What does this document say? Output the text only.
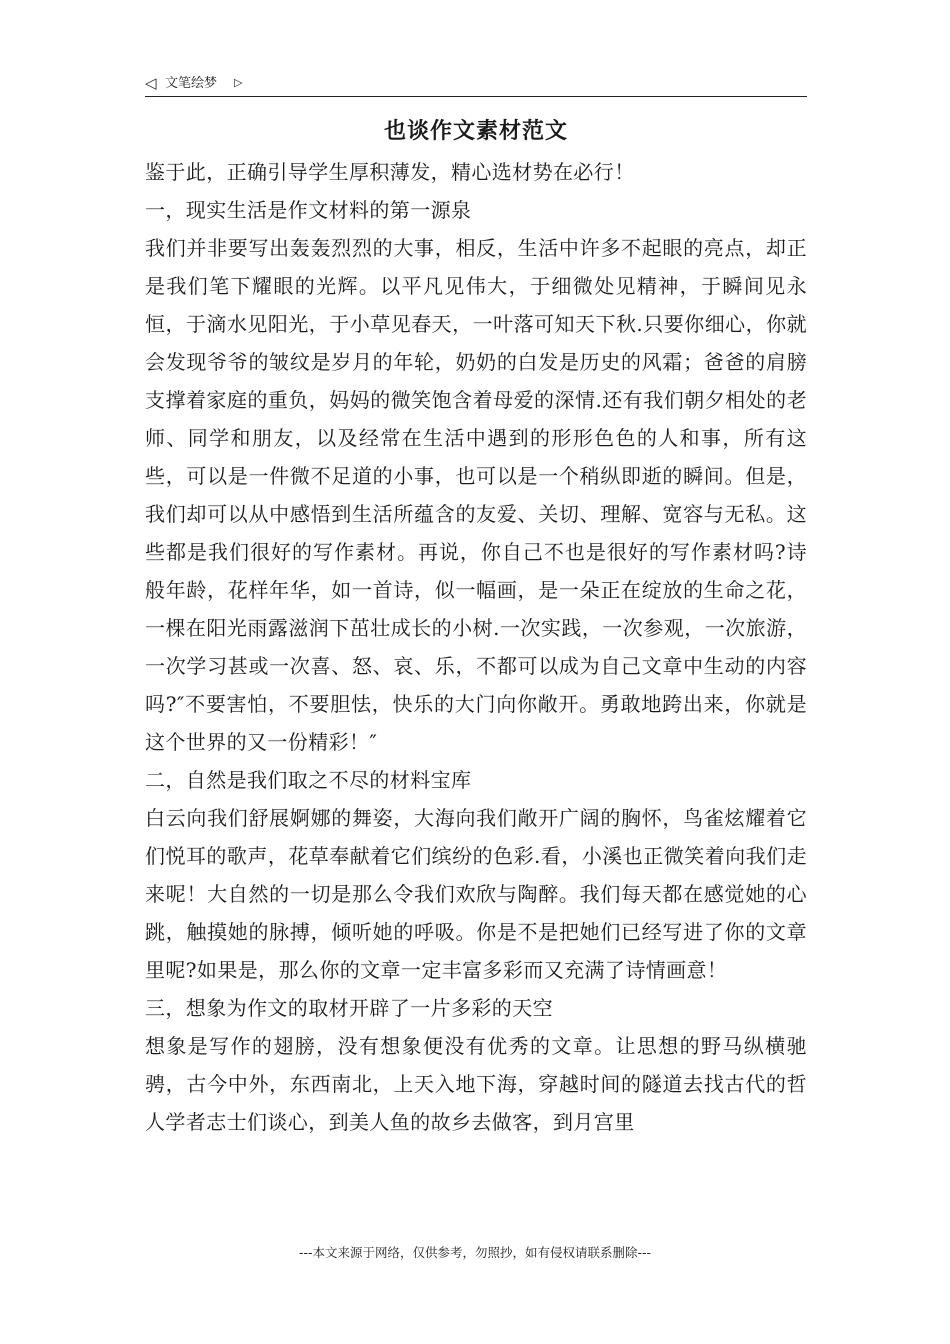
◁ 文笔绘梦 ▷
也谈作文素材范文

鉴于此，正确引导学生厚积薄发，精心选材势在必行！

一，现实生活是作文材料的第一源泉

我们并非要写出轰轰烈烈的大事，相反，生活中许多不起眼的亮点，却正是我们笔下耀眼的光辉。以平凡见伟大，于细微处见精神，于瞬间见永恒，于滴水见阳光，于小草见春天，一叶落可知天下秋.只要你细心，你就会发现爷爷的皱纹是岁月的年轮，奶奶的白发是历史的风霜；爸爸的肩膀支撑着家庭的重负，妈妈的微笑饱含着母爱的深情.还有我们朝夕相处的老师、同学和朋友，以及经常在生活中遇到的形形色色的人和事，所有这些，可以是一件微不足道的小事，也可以是一个稍纵即逝的瞬间。但是，我们却可以从中感悟到生活所蕴含的友爱、关切、理解、宽容与无私。这些都是我们很好的写作素材。再说，你自己不也是很好的写作素材吗?诗般年龄，花样年华，如一首诗，似一幅画，是一朵正在绽放的生命之花，一棵在阳光雨露滋润下茁壮成长的小树.一次实践，一次参观，一次旅游，一次学习甚或一次喜、怒、哀、乐，不都可以成为自己文章中生动的内容吗?″不要害怕，不要胆怯，快乐的大门向你敞开。勇敢地跨出来，你就是这个世界的又一份精彩！″

二，自然是我们取之不尽的材料宝库

白云向我们舒展婀娜的舞姿，大海向我们敞开广阔的胸怀，鸟雀炫耀着它们悦耳的歌声，花草奉献着它们缤纷的色彩.看，小溪也正微笑着向我们走来呢！大自然的一切是那么令我们欢欣与陶醉。我们每天都在感觉她的心跳，触摸她的脉搏，倾听她的呼吸。你是不是把她们已经写进了你的文章里呢?如果是，那么你的文章一定丰富多彩而又充满了诗情画意！

三，想象为作文的取材开辟了一片多彩的天空

想象是写作的翅膀，没有想象便没有优秀的文章。让思想的野马纵横驰骋，古今中外，东西南北，上天入地下海，穿越时间的隧道去找古代的哲人学者志士们谈心，到美人鱼的故乡去做客，到月宫里

---本文来源于网络，仅供参考，勿照抄，如有侵权请联系删除---
